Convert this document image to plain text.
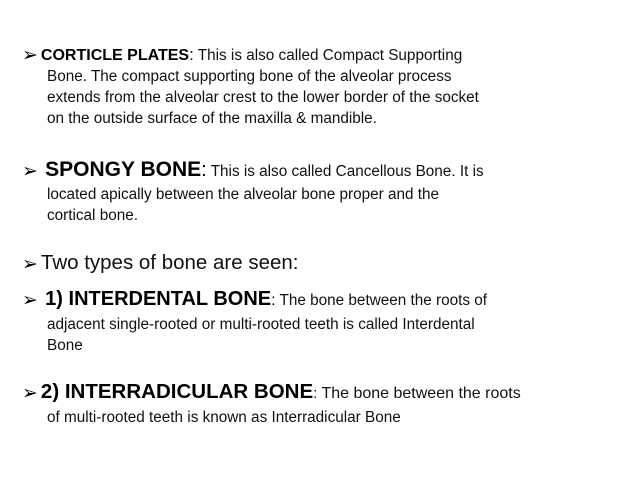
➢ CORTICLE PLATES: This is also called Compact Supporting
Bone. The compact supporting bone of the alveolar process
extends from the alveolar crest to the lower border of the socket
on the outside surface of the maxilla & mandible.
➢ SPONGY BONE: This is also called Cancellous Bone. It is
located apically between the alveolar bone proper and the
cortical bone.
➢ Two types of bone are seen:
➢ 1) INTERDENTAL BONE: The bone between the roots of
adjacent single-rooted or multi-rooted teeth is called Interdental
Bone
➢ 2) INTERRADICULAR BONE: The bone between the roots
of multi-rooted teeth is known as Interradicular Bone
